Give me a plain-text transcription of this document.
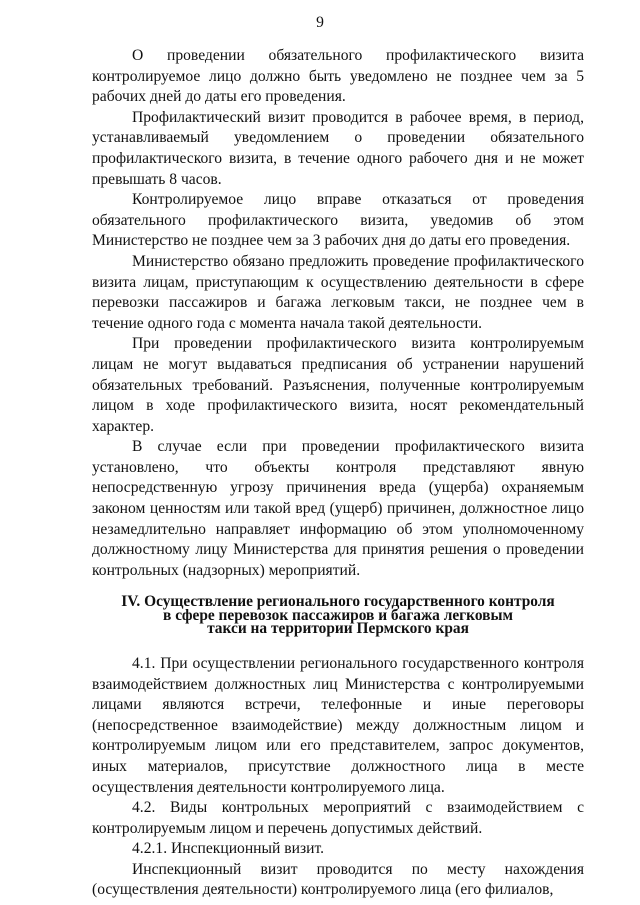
9

О проведении обязательного профилактического визита контролируемое лицо должно быть уведомлено не позднее чем за 5 рабочих дней до даты его проведения.

Профилактический визит проводится в рабочее время, в период, устанавливаемый уведомлением о проведении обязательного профилактического визита, в течение одного рабочего дня и не может превышать 8 часов.

Контролируемое лицо вправе отказаться от проведения обязательного профилактического визита, уведомив об этом Министерство не позднее чем за 3 рабочих дня до даты его проведения.

Министерство обязано предложить проведение профилактического визита лицам, приступающим к осуществлению деятельности в сфере перевозки пассажиров и багажа легковым такси, не позднее чем в течение одного года с момента начала такой деятельности.

При проведении профилактического визита контролируемым лицам не могут выдаваться предписания об устранении нарушений обязательных требований. Разъяснения, полученные контролируемым лицом в ходе профилактического визита, носят рекомендательный характер.

В случае если при проведении профилактического визита установлено, что объекты контроля представляют явную непосредственную угрозу причинения вреда (ущерба) охраняемым законом ценностям или такой вред (ущерб) причинен, должностное лицо незамедлительно направляет информацию об этом уполномоченному должностному лицу Министерства для принятия решения о проведении контрольных (надзорных) мероприятий.

IV. Осуществление регионального государственного контроля
в сфере перевозок пассажиров и багажа легковым
такси на территории Пермского края

4.1. При осуществлении регионального государственного контроля взаимодействием должностных лиц Министерства с контролируемыми лицами являются встречи, телефонные и иные переговоры (непосредственное взаимодействие) между должностным лицом и контролируемым лицом или его представителем, запрос документов, иных материалов, присутствие должностного лица в месте осуществления деятельности контролируемого лица.

4.2. Виды контрольных мероприятий с взаимодействием с контролируемым лицом и перечень допустимых действий.

4.2.1. Инспекционный визит.

Инспекционный визит проводится по месту нахождения (осуществления деятельности) контролируемого лица (его филиалов,
